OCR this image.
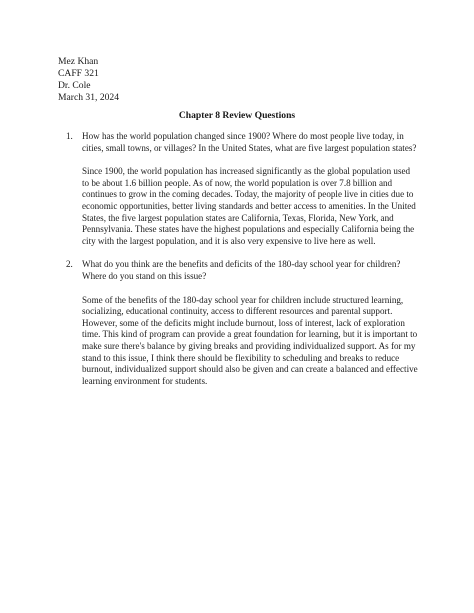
Mez Khan
CAFF 321
Dr. Cole
March 31, 2024
Chapter 8 Review Questions
1. How has the world population changed since 1900? Where do most people live today, in cities, small towns, or villages? In the United States, what are five largest population states?

Since 1900, the world population has increased significantly as the global population used to be about 1.6 billion people. As of now, the world population is over 7.8 billion and continues to grow in the coming decades. Today, the majority of people live in cities due to economic opportunities, better living standards and better access to amenities. In the United States, the five largest population states are California, Texas, Florida, New York, and Pennsylvania. These states have the highest populations and especially California being the city with the largest population, and it is also very expensive to live here as well.

2. What do you think are the benefits and deficits of the 180-day school year for children? Where do you stand on this issue?

Some of the benefits of the 180-day school year for children include structured learning, socializing, educational continuity, access to different resources and parental support. However, some of the deficits might include burnout, loss of interest, lack of exploration time. This kind of program can provide a great foundation for learning, but it is important to make sure there's balance by giving breaks and providing individualized support. As for my stand to this issue, I think there should be flexibility to scheduling and breaks to reduce burnout, individualized support should also be given and can create a balanced and effective learning environment for students.
